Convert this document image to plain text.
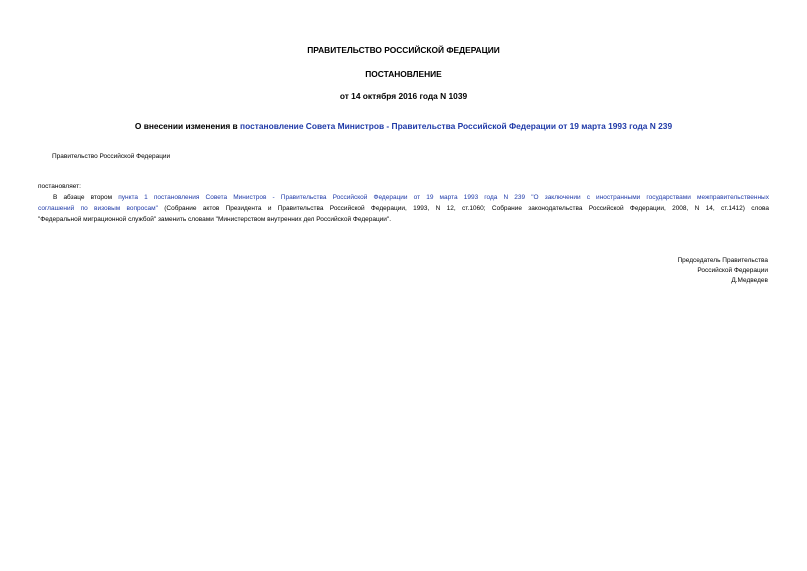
ПРАВИТЕЛЬСТВО РОССИЙСКОЙ ФЕДЕРАЦИИ
ПОСТАНОВЛЕНИЕ
от 14 октября 2016 года N 1039
О внесении изменения в постановление Совета Министров - Правительства Российской Федерации от 19 марта 1993 года N 239
Правительство Российской Федерации
постановляет:
В абзаце втором пункта 1 постановления Совета Министров - Правительства Российской Федерации от 19 марта 1993 года N 239 "О заключении с иностранными государствами межправительственных
соглашений по визовым вопросам" (Собрание актов Президента и Правительства Российской Федерации, 1993, N 12, ст.1060; Собрание законодательства Российской Федерации, 2008, N 14, ст.1412) слова
"Федеральной миграционной службой" заменить словами "Министерством внутренних дел Российской Федерации".
Председатель Правительства
Российской Федерации
Д.Медведев
